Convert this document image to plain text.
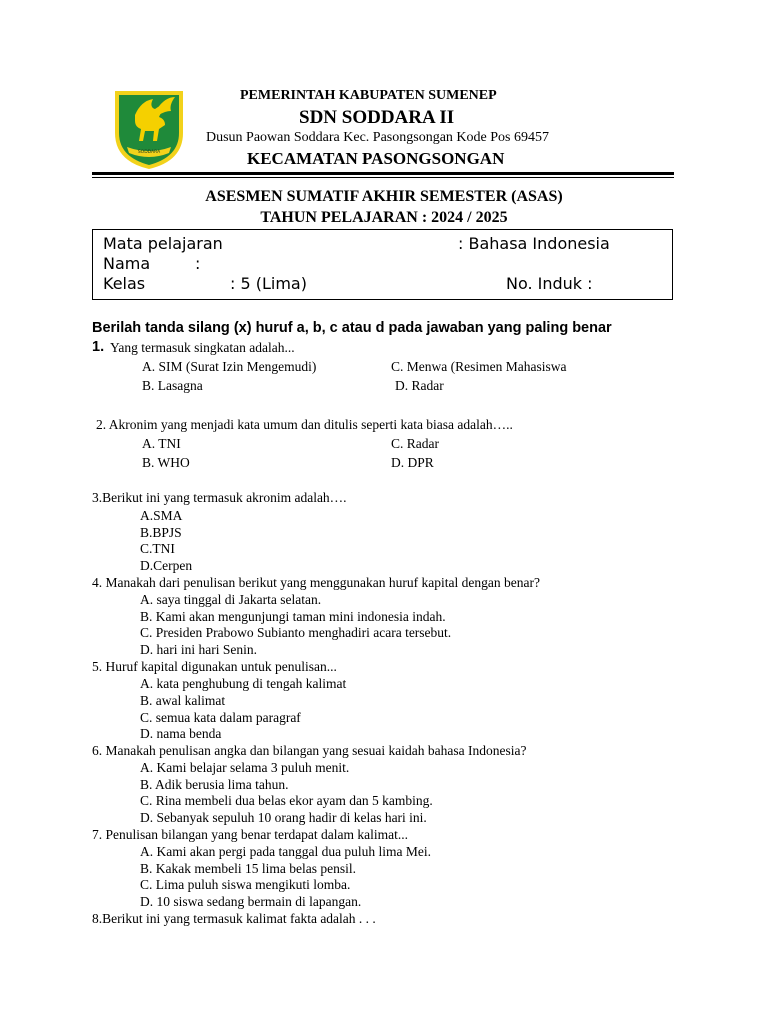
SODDARA
PEMERINTAH KABUPATEN SUMENEP
SDN SODDARA II
Dusun Paowan Soddara Kec. Pasongsongan Kode Pos 69457
KECAMATAN PASONGSONGAN
ASESMEN SUMATIF AKHIR SEMESTER (ASAS)
TAHUN PELAJARAN : 2024 / 2025
Mata pelajaran	: Bahasa Indonesia
Nama	:
Kelas	: 5 (Lima)	No. Induk :
Berilah tanda silang (x) huruf a, b, c atau d pada jawaban yang paling benar
1. Yang termasuk singkatan adalah...
A. SIM (Surat Izin Mengemudi)	C. Menwa (Resimen Mahasiswa
B. Lasagna	D. Radar
2. Akronim yang menjadi kata umum dan ditulis seperti kata biasa adalah…..
A. TNI	C. Radar
B. WHO	D. DPR
3.Berikut ini yang termasuk akronim adalah….
A.SMA
B.BPJS
C.TNI
D.Cerpen
4. Manakah dari penulisan berikut yang menggunakan huruf kapital dengan benar?
A. saya tinggal di Jakarta selatan.
B. Kami akan mengunjungi taman mini indonesia indah.
C. Presiden Prabowo Subianto menghadiri acara tersebut.
D. hari ini hari Senin.
5. Huruf kapital digunakan untuk penulisan...
A. kata penghubung di tengah kalimat
B. awal kalimat
C. semua kata dalam paragraf
D. nama benda
6. Manakah penulisan angka dan bilangan yang sesuai kaidah bahasa Indonesia?
A. Kami belajar selama 3 puluh menit.
B. Adik berusia lima tahun.
C. Rina membeli dua belas ekor ayam dan 5 kambing.
D. Sebanyak sepuluh 10 orang hadir di kelas hari ini.
7. Penulisan bilangan yang benar terdapat dalam kalimat...
A. Kami akan pergi pada tanggal dua puluh lima Mei.
B. Kakak membeli 15 lima belas pensil.
C. Lima puluh siswa mengikuti lomba.
D. 10 siswa sedang bermain di lapangan.
8.Berikut ini yang termasuk kalimat fakta adalah . . .
